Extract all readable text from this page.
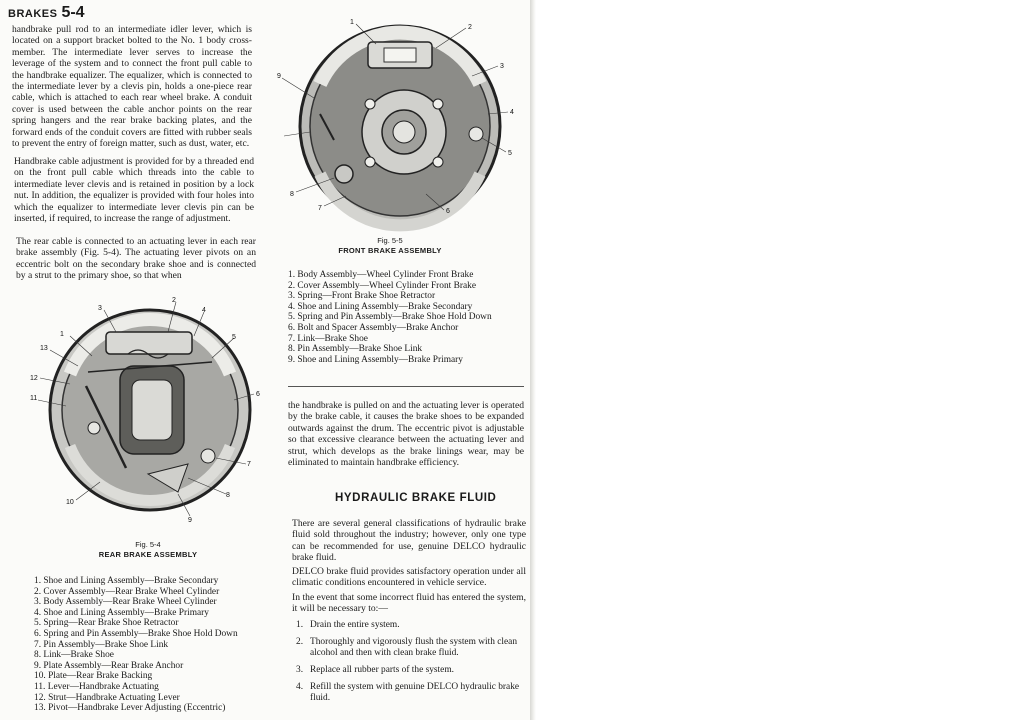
BRAKES 5-4

handbrake pull rod to an intermediate idler lever, which is located on a support bracket bolted to the No. 1 body cross-member. The intermediate lever serves to increase the leverage of the system and to connect the front pull cable to the handbrake equalizer. The equalizer, which is connected to the intermediate lever by a clevis pin, holds a one-piece rear cable, which is attached to each rear wheel brake. A conduit cover is used between the cable anchor points on the rear spring hangers and the rear brake backing plates, and the forward ends of the conduit covers are fitted with rubber seals to prevent the entry of foreign matter, such as dust, water, etc.

Handbrake cable adjustment is provided for by a threaded end on the front pull cable which threads into the cable to intermediate lever clevis and is retained in position by a lock nut. In addition, the equalizer is provided with four holes into which the equalizer to intermediate lever clevis pin can be inserted, if required, to increase the range of adjustment.

The rear cable is connected to an actuating lever in each rear brake assembly (Fig. 5-4). The actuating lever pivots on an eccentric bolt on the secondary brake shoe and is connected by a strut to the primary shoe, so that when

1
2
3
4
5
6
7
8
9
Fig. 5-5
FRONT BRAKE ASSEMBLY
1. Body Assembly—Wheel Cylinder Front Brake
2. Cover Assembly—Wheel Cylinder Front Brake
3. Spring—Front Brake Shoe Retractor
4. Shoe and Lining Assembly—Brake Secondary
5. Spring and Pin Assembly—Brake Shoe Hold Down
6. Bolt and Spacer Assembly—Brake Anchor
7. Link—Brake Shoe
8. Pin Assembly—Brake Shoe Link
9. Shoe and Lining Assembly—Brake Primary

the handbrake is pulled on and the actuating lever is operated by the brake cable, it causes the brake shoes to be expanded outwards against the drum. The eccentric pivot is adjustable so that excessive clearance between the actuating lever and strut, which develops as the brake linings wear, may be eliminated to maintain handbrake efficiency.

1
2
3	4
5
6
7
8
9
10
11
12
13
Fig. 5-4
REAR BRAKE ASSEMBLY
1. Shoe and Lining Assembly—Brake Secondary
2. Cover Assembly—Rear Brake Wheel Cylinder
3. Body Assembly—Rear Brake Wheel Cylinder
4. Shoe and Lining Assembly—Brake Primary
5. Spring—Rear Brake Shoe Retractor
6. Spring and Pin Assembly—Brake Shoe Hold Down
7. Pin Assembly—Brake Shoe Link
8. Link—Brake Shoe
9. Plate Assembly—Rear Brake Anchor
10. Plate—Rear Brake Backing
11. Lever—Handbrake Actuating
12. Strut—Handbrake Actuating Lever
13. Pivot—Handbrake Lever Adjusting (Eccentric)
HYDRAULIC BRAKE FLUID

There are several general classifications of hydraulic brake fluid sold throughout the industry; however, only one type can be recommended for use, genuine DELCO hydraulic brake fluid.

DELCO brake fluid provides satisfactory operation under all climatic conditions encountered in vehicle service.

In the event that some incorrect fluid has entered the system, it will be necessary to:—

1. Drain the entire system.
2. Thoroughly and vigorously flush the system with clean alcohol and then with clean brake fluid.
3. Replace all rubber parts of the system.
4. Refill the system with genuine DELCO hydraulic brake fluid.
